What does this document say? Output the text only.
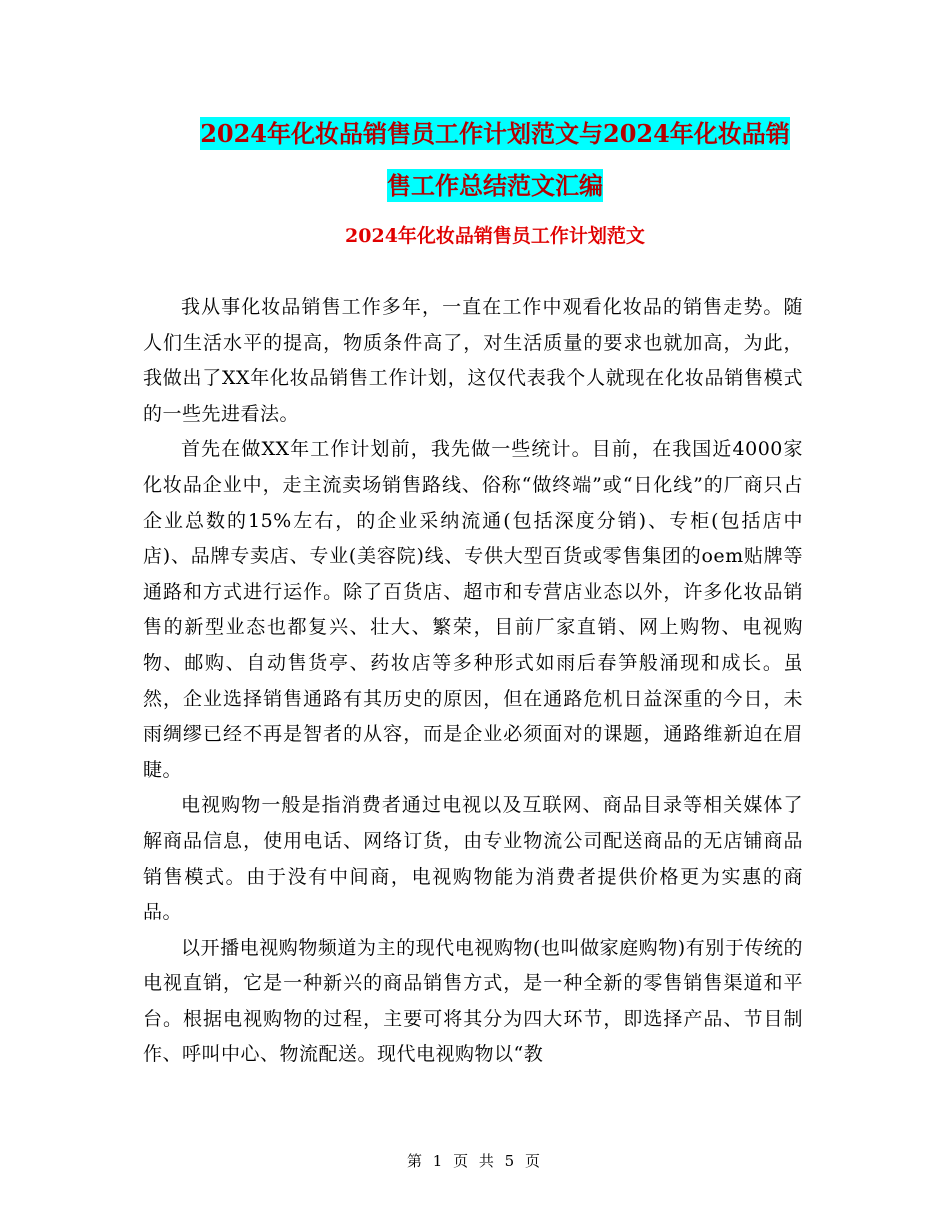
2024年化妆品销售员工作计划范文与2024年化妆品销
售工作总结范文汇编
2024年化妆品销售员工作计划范文

我从事化妆品销售工作多年，一直在工作中观看化妆品的销售走势。随人们生活水平的提高，物质条件高了，对生活质量的要求也就加高，为此，我做出了XX年化妆品销售工作计划，这仅代表我个人就现在化妆品销售模式的一些先进看法。

首先在做XX年工作计划前，我先做一些统计。目前，在我国近4000家化妆品企业中，走主流卖场销售路线、俗称“做终端”或“日化线”的厂商只占企业总数的15%左右，的企业采纳流通(包括深度分销)、专柜(包括店中店)、品牌专卖店、专业(美容院)线、专供大型百货或零售集团的oem贴牌等通路和方式进行运作。除了百货店、超市和专营店业态以外，许多化妆品销售的新型业态也都复兴、壮大、繁荣，目前厂家直销、网上购物、电视购物、邮购、自动售货亭、药妆店等多种形式如雨后春笋般涌现和成长。虽然，企业选择销售通路有其历史的原因，但在通路危机日益深重的今日，未雨绸缪已经不再是智者的从容，而是企业必须面对的课题，通路维新迫在眉睫。

电视购物一般是指消费者通过电视以及互联网、商品目录等相关媒体了解商品信息，使用电话、网络订货，由专业物流公司配送商品的无店铺商品销售模式。由于没有中间商，电视购物能为消费者提供价格更为实惠的商品。

以开播电视购物频道为主的现代电视购物(也叫做家庭购物)有别于传统的电视直销，它是一种新兴的商品销售方式，是一种全新的零售销售渠道和平台。根据电视购物的过程，主要可将其分为四大环节，即选择产品、节目制作、呼叫中心、物流配送。现代电视购物以“教

第 1 页 共 5 页
